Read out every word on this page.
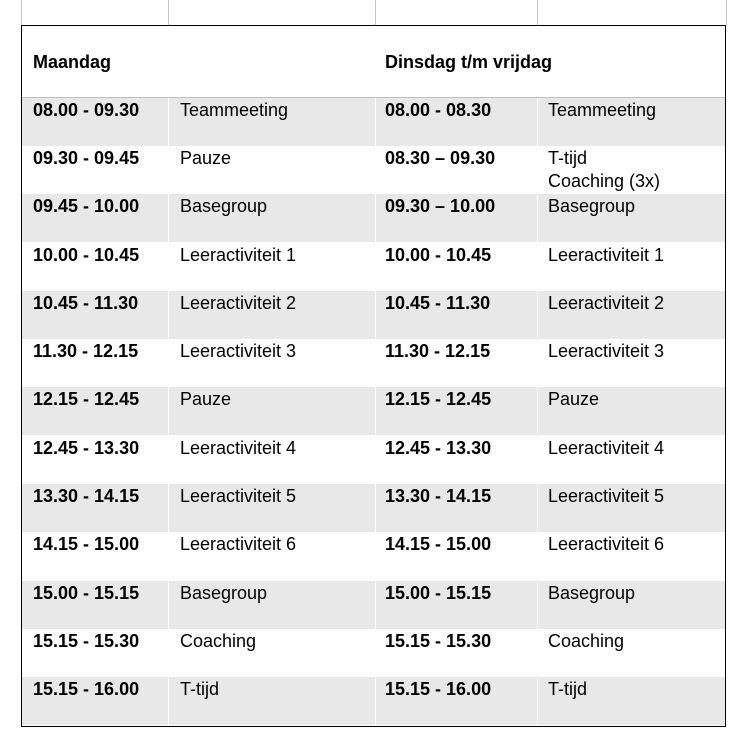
Maandag	Dinsdag t/m vrijdag
08.00 - 09.30 Teammeeting	08.00 - 08.30	Teammeeting
09.30 - 09.45 Pauze	08.30 – 09.30	T-tijd
Coaching (3x)
09.45 - 10.00 Basegroup	09.30 – 10.00	Basegroup
10.00 - 10.45 Leeractiviteit 1	10.00 - 10.45	Leeractiviteit 1
10.45 - 11.30 Leeractiviteit 2	10.45 - 11.30	Leeractiviteit 2
11.30 - 12.15 Leeractiviteit 3	11.30 - 12.15	Leeractiviteit 3
12.15 - 12.45 Pauze	12.15 - 12.45	Pauze
12.45 - 13.30 Leeractiviteit 4	12.45 - 13.30	Leeractiviteit 4
13.30 - 14.15 Leeractiviteit 5	13.30 - 14.15	Leeractiviteit 5
14.15 - 15.00 Leeractiviteit 6	14.15 - 15.00	Leeractiviteit 6
15.00 - 15.15 Basegroup	15.00 - 15.15	Basegroup
15.15 - 15.30 Coaching	15.15 - 15.30	Coaching
15.15 - 16.00 T-tijd	15.15 - 16.00	T-tijd
